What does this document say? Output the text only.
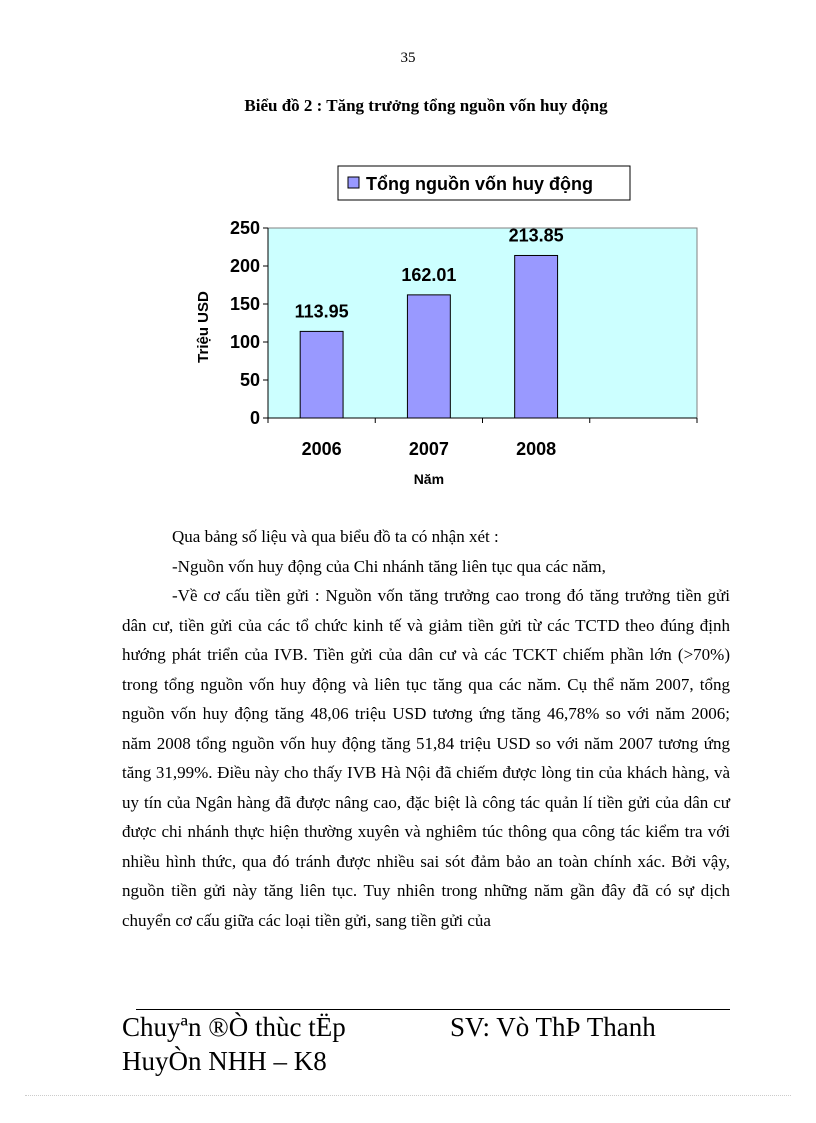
35
Biểu đồ 2 : Tăng trưởng tổng nguồn vốn huy động
Tổng nguồn vốn huy động
0
50
100
150
200
250
2006	2007	2008
113.95
162.01
213.85
Triệu USD
Năm

Qua bảng số liệu và qua biểu đồ ta có nhận xét :

-Nguồn vốn huy động của Chi nhánh tăng liên tục qua các năm,

-Về cơ cấu tiền gửi : Nguồn vốn tăng trưởng cao trong đó tăng trưởng tiền gửi dân cư, tiền gửi của các tổ chức kinh tế và giảm tiền gửi từ các TCTD theo đúng định hướng phát triển của IVB. Tiền gửi của dân cư và các TCKT chiếm phần lớn (>70%) trong tổng nguồn vốn huy động và liên tục tăng qua các năm. Cụ thể năm 2007, tổng nguồn vốn huy động tăng 48,06 triệu USD tương ứng tăng 46,78% so với năm 2006; năm 2008 tổng nguồn vốn huy động tăng 51,84 triệu USD so với năm 2007 tương ứng tăng 31,99%. Điều này cho thấy IVB Hà Nội đã chiếm được lòng tin của khách hàng, và uy tín của Ngân hàng đã được nâng cao, đặc biệt là công tác quản lí tiền gửi của dân cư được chi nhánh thực hiện thường xuyên và nghiêm túc thông qua công tác kiểm tra với nhiều hình thức, qua đó tránh được nhiều sai sót đảm bảo an toàn chính xác. Bởi vậy, nguồn tiền gửi này tăng liên tục. Tuy nhiên trong những năm gần đây đã có sự dịch chuyển cơ cấu giữa các loại tiền gửi, sang tiền gửi của

Chuyªn ®Ò thùc tËp	SV: Vò ThÞ Thanh
HuyÒn NHH – K8
